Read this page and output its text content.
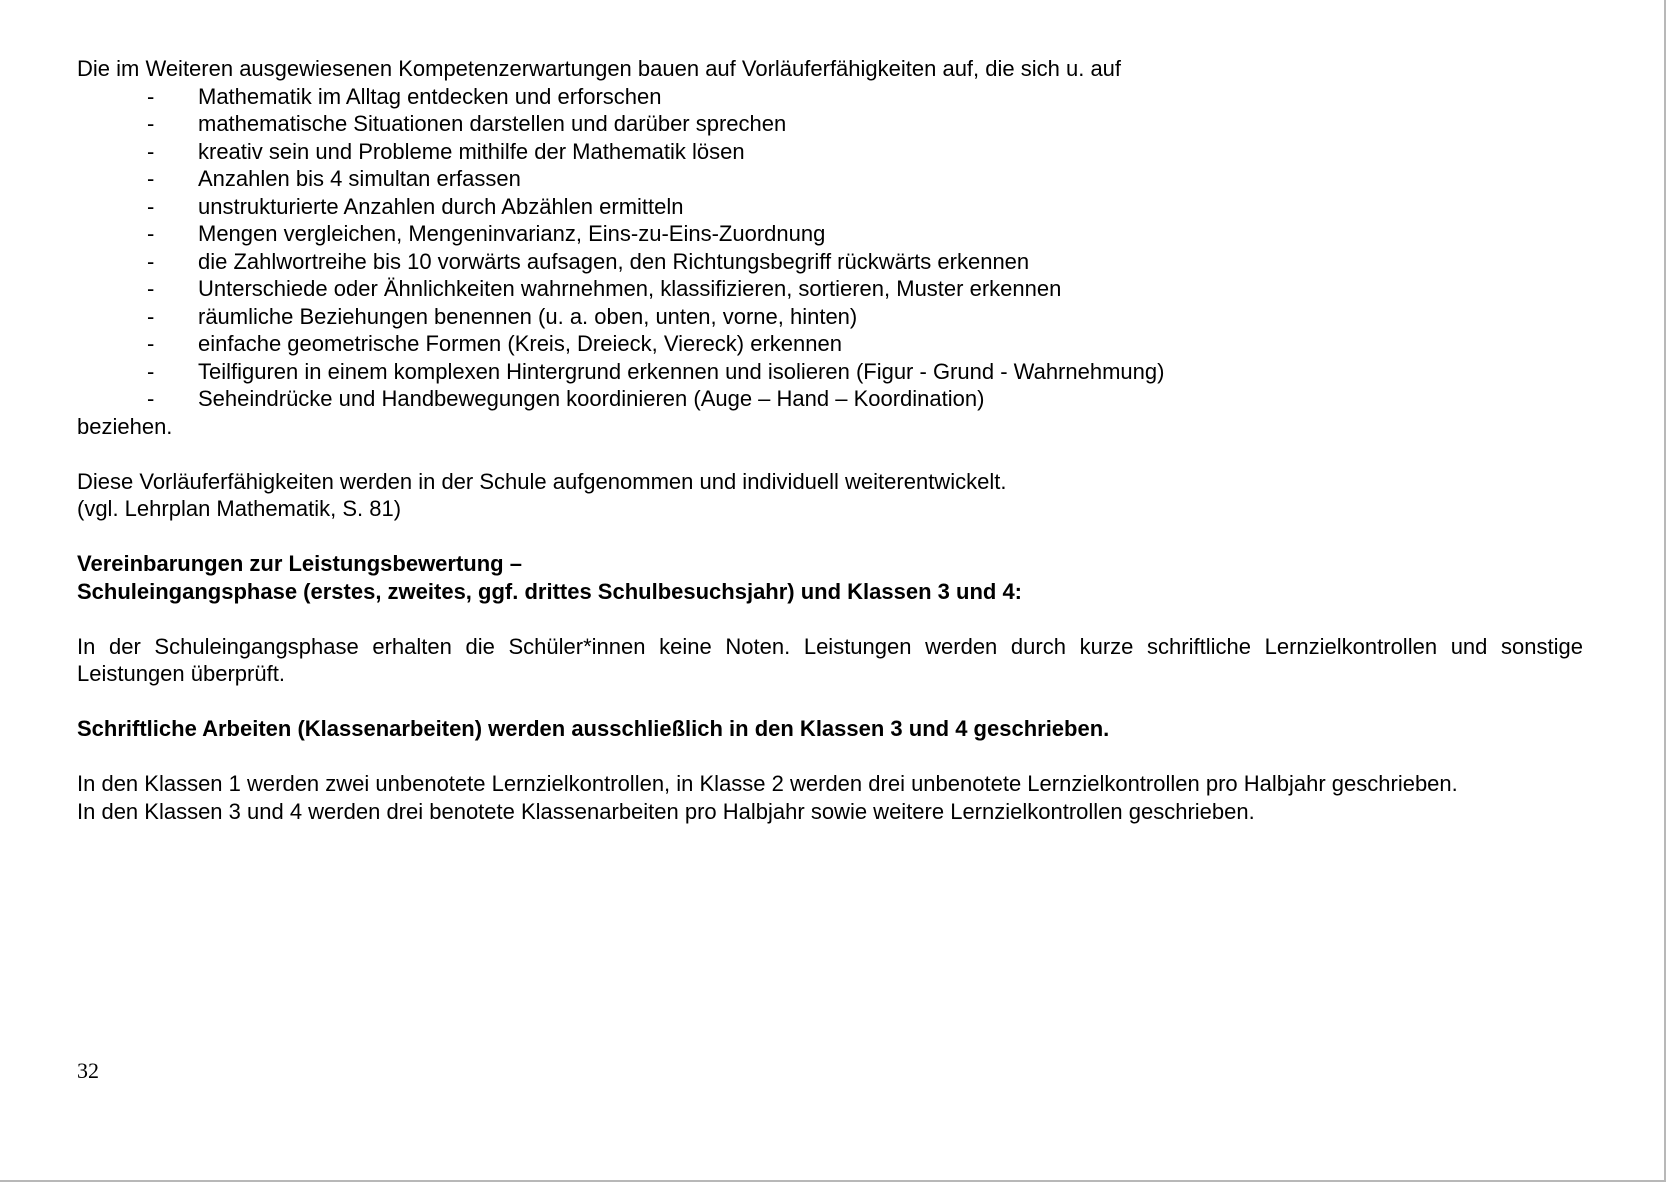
Die im Weiteren ausgewiesenen Kompetenzerwartungen bauen auf Vorläuferfähigkeiten auf, die sich u. auf

- Mathematik im Alltag entdecken und erforschen
- mathematische Situationen darstellen und darüber sprechen
- kreativ sein und Probleme mithilfe der Mathematik lösen
- Anzahlen bis 4 simultan erfassen
- unstrukturierte Anzahlen durch Abzählen ermitteln
- Mengen vergleichen, Mengeninvarianz, Eins-zu-Eins-Zuordnung
- die Zahlwortreihe bis 10 vorwärts aufsagen, den Richtungsbegriff rückwärts erkennen
- Unterschiede oder Ähnlichkeiten wahrnehmen, klassifizieren, sortieren, Muster erkennen
- räumliche Beziehungen benennen (u. a. oben, unten, vorne, hinten)
- einfache geometrische Formen (Kreis, Dreieck, Viereck) erkennen
- Teilfiguren in einem komplexen Hintergrund erkennen und isolieren (Figur - Grund - Wahrnehmung)
- Seheindrücke und Handbewegungen koordinieren (Auge – Hand – Koordination)

beziehen.

Diese Vorläuferfähigkeiten werden in der Schule aufgenommen und individuell weiterentwickelt.

(vgl. Lehrplan Mathematik, S. 81)

Vereinbarungen zur Leistungsbewertung –

Schuleingangsphase (erstes, zweites, ggf. drittes Schulbesuchsjahr) und Klassen 3 und 4:

In der Schuleingangsphase erhalten die Schüler*innen keine Noten. Leistungen werden durch kurze schriftliche Lernzielkontrollen und sonstige Leistungen überprüft.

Schriftliche Arbeiten (Klassenarbeiten) werden ausschließlich in den Klassen 3 und 4 geschrieben.

In den Klassen 1 werden zwei unbenotete Lernzielkontrollen, in Klasse 2 werden drei unbenotete Lernzielkontrollen pro Halbjahr geschrieben.

In den Klassen 3 und 4 werden drei benotete Klassenarbeiten pro Halbjahr sowie weitere Lernzielkontrollen geschrieben.

32
